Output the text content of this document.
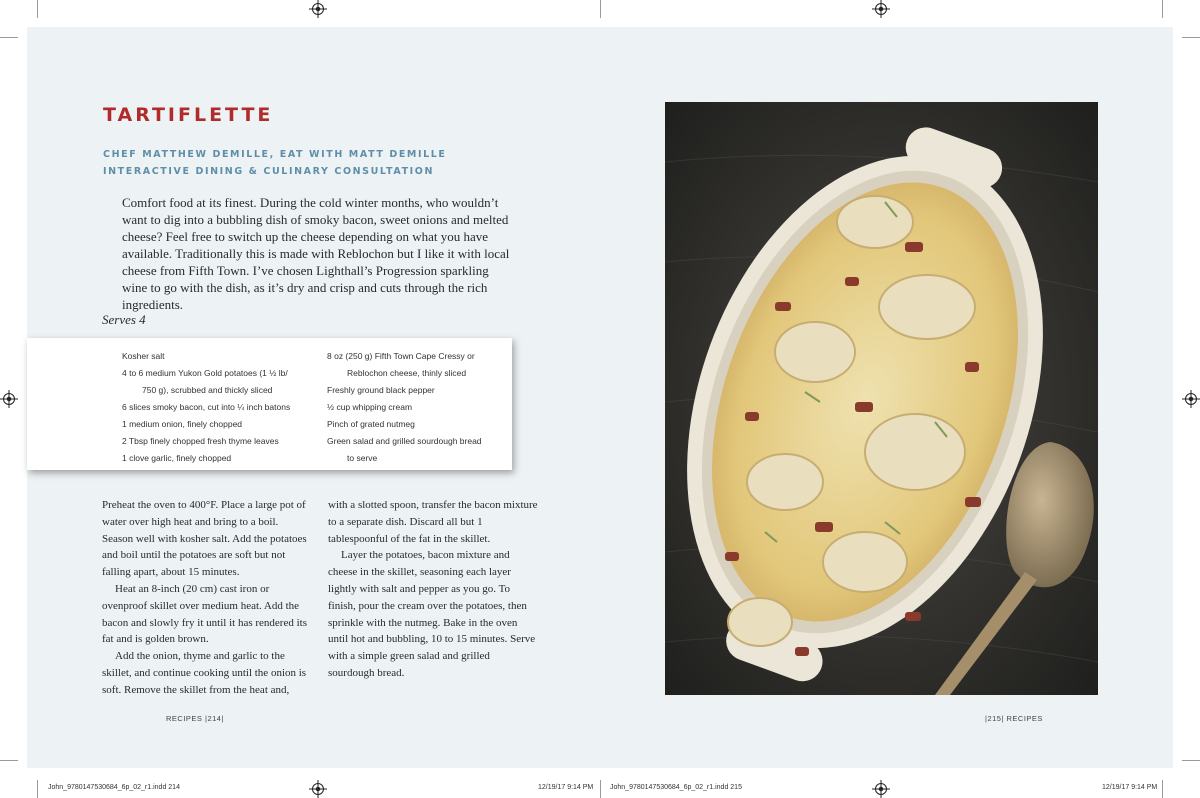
TARTIFLETTE

CHEF MATTHEW DEMILLE, EAT WITH MATT DEMILLE INTERACTIVE DINING & CULINARY CONSULTATION

Comfort food at its finest. During the cold winter months, who wouldn’t want to dig into a bubbling dish of smoky bacon, sweet onions and melted cheese? Feel free to switch up the cheese depending on what you have available. Traditionally this is made with Reblochon but I like it with local cheese from Fifth Town. I’ve chosen Lighthall’s Progression sparkling wine to go with the dish, as it’s dry and crisp and cuts through the rich ingredients.

Serves 4

Kosher salt
4 to 6 medium Yukon Gold potatoes (1 ½ lb/
750 g), scrubbed and thickly sliced
6 slices smoky bacon, cut into ¼ inch batons
1 medium onion, finely chopped
2 Tbsp finely chopped fresh thyme leaves
1 clove garlic, finely chopped
8 oz (250 g) Fifth Town Cape Cressy or
Reblochon cheese, thinly sliced
Freshly ground black pepper
½ cup whipping cream
Pinch of grated nutmeg
Green salad and grilled sourdough bread
to serve

Preheat the oven to 400°F. Place a large pot of water over high heat and bring to a boil. Season well with kosher salt. Add the potatoes and boil until the potatoes are soft but not falling apart, about 15 minutes.

Heat an 8-inch (20 cm) cast iron or ovenproof skillet over medium heat. Add the bacon and slowly fry it until it has rendered its fat and is golden brown.

Add the onion, thyme and garlic to the skillet, and continue cooking until the onion is soft. Remove the skillet from the heat and,

with a slotted spoon, transfer the bacon mixture to a separate dish. Discard all but 1 tablespoonful of the fat in the skillet.

Layer the potatoes, bacon mixture and cheese in the skillet, seasoning each layer lightly with salt and pepper as you go. To finish, pour the cream over the potatoes, then sprinkle with the nutmeg. Bake in the oven until hot and bubbling, 10 to 15 minutes. Serve with a simple green salad and grilled sourdough bread.

RECIPES |214|	|215| RECIPES
John_9780147530684_6p_02_r1.indd 214	12/19/17 9:14 PM John_9780147530684_6p_02_r1.indd 215	12/19/17 9:14 PM
